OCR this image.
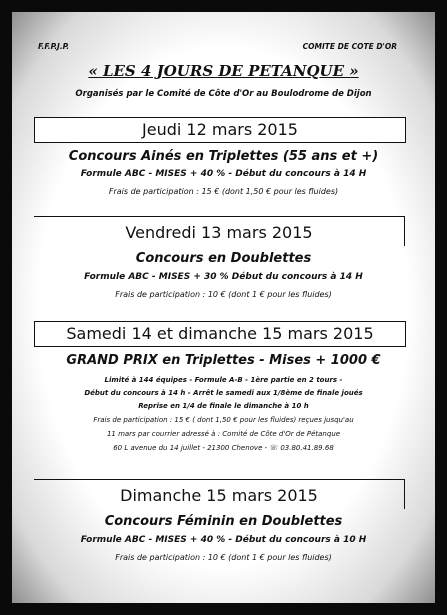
F.F.P.J.P.	COMITE DE COTE D'OR
« LES 4 JOURS DE PETANQUE »
Organisés par le Comité de Côte d'Or au Boulodrome de Dijon
Jeudi 12 mars 2015
Concours Ainés en Triplettes (55 ans et +)
Formule ABC - MISES + 40 % - Début du concours à 14 H
Frais de participation : 15 € (dont 1,50 € pour les fluides)
Vendredi 13 mars 2015
Concours en Doublettes
Formule ABC - MISES + 30 % Début du concours à 14 H
Frais de participation : 10 € (dont 1 € pour les fluides)
Samedi 14 et dimanche 15 mars 2015
GRAND PRIX en Triplettes - Mises + 1000 €
Limité à 144 équipes - Formule A-B - 1ère partie en 2 tours -
Début du concours à 14 h - Arrêt le samedi aux 1/8ème de finale joués
Reprise en 1/4 de finale le dimanche à 10 h
Frais de participation : 15 € ( dont 1,50 € pour les fluides) reçues jusqu'au
11 mars par courrier adressé à : Comité de Côte d'Or de Pétanque
60 L avenue du 14 juillet - 21300 Chenove - ☏ 03.80.41.89.68
Dimanche 15 mars 2015
Concours Féminin en Doublettes
Formule ABC - MISES + 40 % - Début du concours à 10 H
Frais de participation : 10 € (dont 1 € pour les fluides)
